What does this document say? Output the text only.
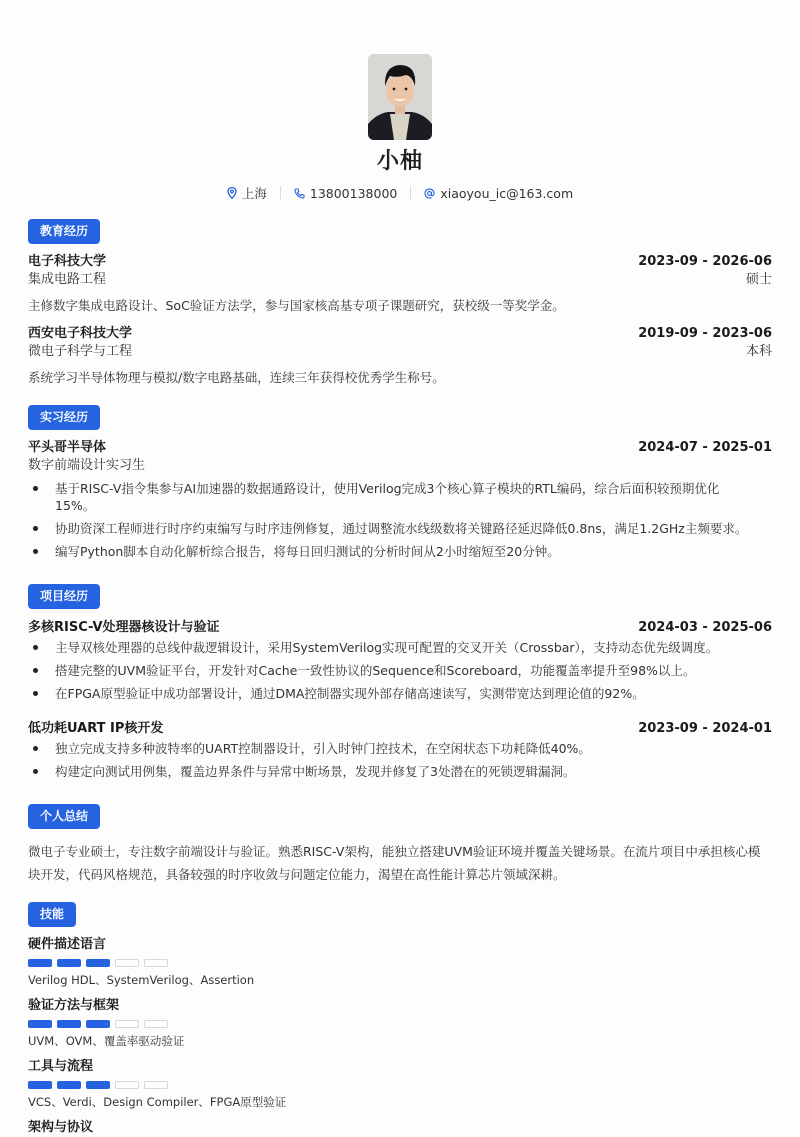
小柚
上海	13800138000	xiaoyou_ic@163.com
教育经历
电子科技大学	2023-09 - 2026-06
集成电路工程	硕士
主修数字集成电路设计、SoC验证方法学，参与国家核高基专项子课题研究，获校级一等奖学金。
西安电子科技大学	2019-09 - 2023-06
微电子科学与工程	本科
系统学习半导体物理与模拟/数字电路基础，连续三年获得校优秀学生称号。
实习经历
平头哥半导体	2024-07 - 2025-01
数字前端设计实习生
基于RISC-V指令集参与AI加速器的数据通路设计，使用Verilog完成3个核心算子模块的RTL编码，综合后面积较预期优化15%。
协助资深工程师进行时序约束编写与时序违例修复，通过调整流水线级数将关键路径延迟降低0.8ns，满足1.2GHz主频要求。
编写Python脚本自动化解析综合报告，将每日回归测试的分析时间从2小时缩短至20分钟。
项目经历
多核RISC-V处理器核设计与验证	2024-03 - 2025-06
主导双核处理器的总线仲裁逻辑设计，采用SystemVerilog实现可配置的交叉开关（Crossbar），支持动态优先级调度。
搭建完整的UVM验证平台，开发针对Cache一致性协议的Sequence和Scoreboard，功能覆盖率提升至98%以上。
在FPGA原型验证中成功部署设计，通过DMA控制器实现外部存储高速读写，实测带宽达到理论值的92%。
低功耗UART IP核开发	2023-09 - 2024-01
独立完成支持多种波特率的UART控制器设计，引入时钟门控技术，在空闲状态下功耗降低40%。
构建定向测试用例集，覆盖边界条件与异常中断场景，发现并修复了3处潜在的死锁逻辑漏洞。
个人总结
微电子专业硕士，专注数字前端设计与验证。熟悉RISC-V架构，能独立搭建UVM验证环境并覆盖关键场景。在流片项目中承担核心模块开发，代码风格规范，具备较强的时序收敛与问题定位能力，渴望在高性能计算芯片领域深耕。
技能
硬件描述语言
Verilog HDL、SystemVerilog、Assertion
验证方法与框架
UVM、OVM、覆盖率驱动验证
工具与流程
VCS、Verdi、Design Compiler、FPGA原型验证
架构与协议
